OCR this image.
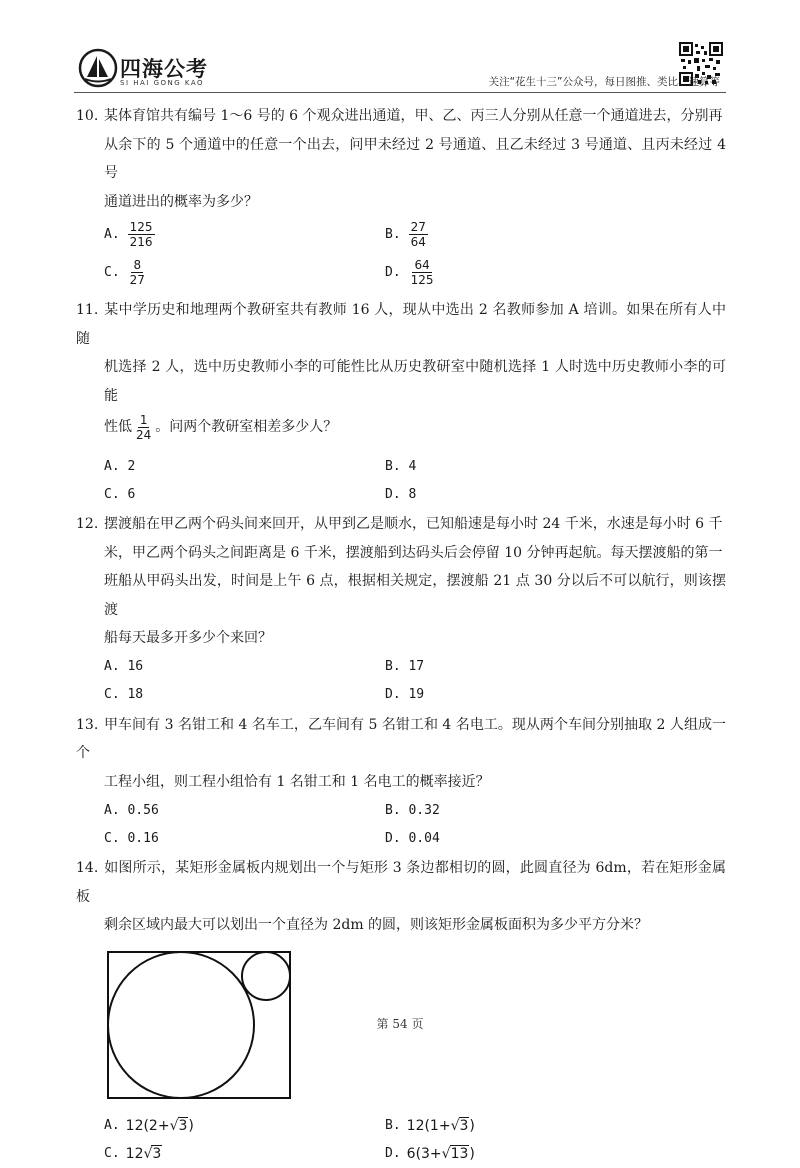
四海公考
SI HAI GONG KAO	关注“花生十三”公众号，每日图推、类比、速算等

10. 某体育馆共有编号 1～6 号的 6 个观众进出通道，甲、乙、丙三人分别从任意一个通道进去，分别再
从余下的 5 个通道中的任意一个出去，问甲未经过 2 号通道、且乙未经过 3 号通道、且丙未经过 4 号
通道进出的概率为多少？

A. $\frac{125}{216}$	B. $\frac{27}{64}$
C. $\frac{8}{27}$	D. $\frac{64}{125}$

11. 某中学历史和地理两个教研室共有教师 16 人，现从中选出 2 名教师参加 A 培训。如果在所有人中随
机选择 2 人，选中历史教师小李的可能性比从历史教研室中随机选择 1 人时选中历史教师小李的可能
性低 $\frac{1}{24}$ 。问两个教研室相差多少人？

A. 2	B. 4
C. 6	D. 8

12. 摆渡船在甲乙两个码头间来回开，从甲到乙是顺水，已知船速是每小时 24 千米，水速是每小时 6 千
米，甲乙两个码头之间距离是 6 千米，摆渡船到达码头后会停留 10 分钟再起航。每天摆渡船的第一
班船从甲码头出发，时间是上午 6 点，根据相关规定，摆渡船 21 点 30 分以后不可以航行，则该摆渡
船每天最多开多少个来回？

A. 16	B. 17
C. 18	D. 19

13. 甲车间有 3 名钳工和 4 名车工，乙车间有 5 名钳工和 4 名电工。现从两个车间分别抽取 2 人组成一个
工程小组，则工程小组恰有 1 名钳工和 1 名电工的概率接近？

A. 0.56	B. 0.32
C. 0.16	D. 0.04

14. 如图所示，某矩形金属板内规划出一个与矩形 3 条边都相切的圆，此圆直径为 6dm，若在矩形金属板
剩余区域内最大可以划出一个直径为 2dm 的圆，则该矩形金属板面积为多少平方分米？

A. 12(2+√3)	B. 12(1+√3)
C. 12√3	D. 6(3+√13)
第 54 页
